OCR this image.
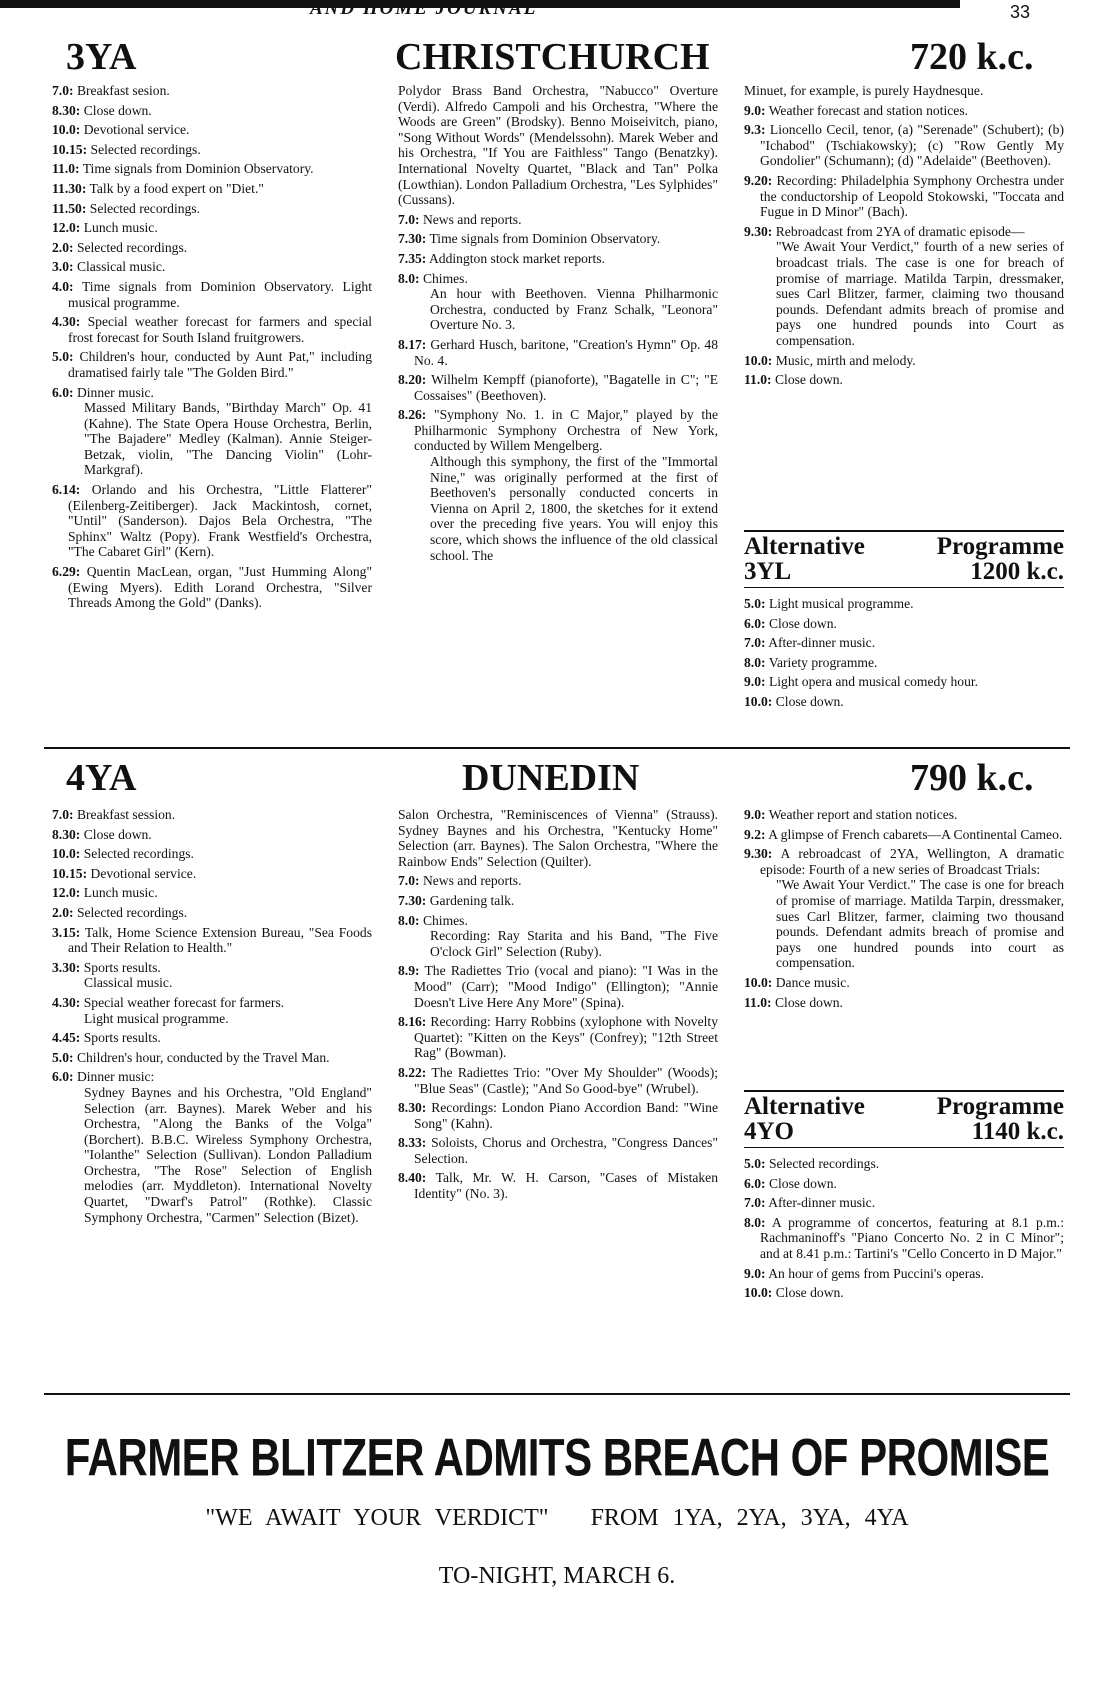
AND HOME JOURNAL	33
3YA	CHRISTCHURCH	720 k.c.
7.0: Breakfast sesion.
8.30: Close down.
10.0: Devotional service.
10.15: Selected recordings.
11.0: Time signals from Dominion Observatory.
11.30: Talk by a food expert on "Diet."
11.50: Selected recordings.
12.0: Lunch music.
2.0: Selected recordings.
3.0: Classical music.
4.0: Time signals from Dominion Observatory. Light musical programme.
4.30: Special weather forecast for farmers and special frost forecast for South Island fruitgrowers.
5.0: Children's hour, conducted by Aunt Pat," including dramatised fairly tale "The Golden Bird."
6.0: Dinner music.
Massed Military Bands, "Birthday March" Op. 41 (Kahne). The State Opera House Orchestra, Berlin, "The Bajadere" Medley (Kalman). Annie Steiger-Betzak, violin, "The Dancing Violin" (Lohr-Markgraf).
6.14: Orlando and his Orchestra, "Little Flatterer" (Eilenberg-Zeitiberger). Jack Mackintosh, cornet, "Until" (Sanderson). Dajos Bela Orchestra, "The Sphinx" Waltz (Popy). Frank Westfield's Orchestra, "The Cabaret Girl" (Kern).
6.29: Quentin MacLean, organ, "Just Humming Along" (Ewing Myers). Edith Lorand Orchestra, "Silver Threads Among the Gold" (Danks).
Polydor Brass Band Orchestra, "Nabucco" Overture (Verdi). Alfredo Campoli and his Orchestra, "Where the Woods are Green" (Brodsky). Benno Moiseivitch, piano, "Song Without Words" (Mendelssohn). Marek Weber and his Orchestra, "If You are Faithless" Tango (Benatzky). International Novelty Quartet, "Black and Tan" Polka (Lowthian). London Palladium Orchestra, "Les Sylphides" (Cussans).
7.0: News and reports.
7.30: Time signals from Dominion Observatory.
7.35: Addington stock market reports.
8.0: Chimes.
An hour with Beethoven. Vienna Philharmonic Orchestra, conducted by Franz Schalk, "Leonora" Overture No. 3.
8.17: Gerhard Husch, baritone, "Creation's Hymn" Op. 48 No. 4.
8.20: Wilhelm Kempff (pianoforte), "Bagatelle in C"; "E Cossaises" (Beethoven).
8.26: "Symphony No. 1. in C Major," played by the Philharmonic Symphony Orchestra of New York, conducted by Willem Mengelberg.
Although this symphony, the first of the "Immortal Nine," was originally performed at the first of Beethoven's personally conducted concerts in Vienna on April 2, 1800, the sketches for it extend over the preceding five years. You will enjoy this score, which shows the influence of the old classical school. The
Minuet, for example, is purely Haydnesque.
9.0: Weather forecast and station notices.
9.3: Lioncello Cecil, tenor, (a) "Serenade" (Schubert); (b) "Ichabod" (Tschiakowsky); (c) "Row Gently My Gondolier" (Schumann); (d) "Adelaide" (Beethoven).
9.20: Recording: Philadelphia Symphony Orchestra under the conductorship of Leopold Stokowski, "Toccata and Fugue in D Minor" (Bach).
9.30: Rebroadcast from 2YA of dramatic episode—
"We Await Your Verdict," fourth of a new series of broadcast trials. The case is one for breach of promise of marriage. Matilda Tarpin, dressmaker, sues Carl Blitzer, farmer, claiming two thousand pounds. Defendant admits breach of promise and pays one hundred pounds into Court as compensation.
10.0: Music, mirth and melody.
11.0: Close down.
Alternative	Programme
3YL	1200 k.c.
5.0: Light musical programme.
6.0: Close down.
7.0: After-dinner music.
8.0: Variety programme.
9.0: Light opera and musical comedy hour.
10.0: Close down.
4YA	DUNEDIN	790 k.c.
7.0: Breakfast session.
8.30: Close down.
10.0: Selected recordings.
10.15: Devotional service.
12.0: Lunch music.
2.0: Selected recordings.
3.15: Talk, Home Science Extension Bureau, "Sea Foods and Their Relation to Health."
3.30: Sports results.
Classical music.
4.30: Special weather forecast for farmers.
Light musical programme.
4.45: Sports results.
5.0: Children's hour, conducted by the Travel Man.
6.0: Dinner music:
Sydney Baynes and his Orchestra, "Old England" Selection (arr. Baynes). Marek Weber and his Orchestra, "Along the Banks of the Volga" (Borchert). B.B.C. Wireless Symphony Orchestra, "Iolanthe" Selection (Sullivan). London Palladium Orchestra, "The Rose" Selection of English melodies (arr. Myddleton). International Novelty Quartet, "Dwarf's Patrol" (Rothke). Classic Symphony Orchestra, "Carmen" Selection (Bizet).
Salon Orchestra, "Reminiscences of Vienna" (Strauss). Sydney Baynes and his Orchestra, "Kentucky Home" Selection (arr. Baynes). The Salon Orchestra, "Where the Rainbow Ends" Selection (Quilter).
7.0: News and reports.
7.30: Gardening talk.
8.0: Chimes.
Recording: Ray Starita and his Band, "The Five O'clock Girl" Selection (Ruby).
8.9: The Radiettes Trio (vocal and piano): "I Was in the Mood" (Carr); "Mood Indigo" (Ellington); "Annie Doesn't Live Here Any More" (Spina).
8.16: Recording: Harry Robbins (xylophone with Novelty Quartet): "Kitten on the Keys" (Confrey); "12th Street Rag" (Bowman).
8.22: The Radiettes Trio: "Over My Shoulder" (Woods); "Blue Seas" (Castle); "And So Good-bye" (Wrubel).
8.30: Recordings: London Piano Accordion Band: "Wine Song" (Kahn).
8.33: Soloists, Chorus and Orchestra, "Congress Dances" Selection.
8.40: Talk, Mr. W. H. Carson, "Cases of Mistaken Identity" (No. 3).
9.0: Weather report and station notices.
9.2: A glimpse of French cabarets—A Continental Cameo.
9.30: A rebroadcast of 2YA, Wellington, A dramatic episode: Fourth of a new series of Broadcast Trials:
"We Await Your Verdict." The case is one for breach of promise of marriage. Matilda Tarpin, dressmaker, sues Carl Blitzer, farmer, claiming two thousand pounds. Defendant admits breach of promise and pays one hundred pounds into court as compensation.
10.0: Dance music.
11.0: Close down.
Alternative	Programme
4YO	1140 k.c.
5.0: Selected recordings.
6.0: Close down.
7.0: After-dinner music.
8.0: A programme of concertos, featuring at 8.1 p.m.: Rachmaninoff's "Piano Concerto No. 2 in C Minor"; and at 8.41 p.m.: Tartini's "Cello Concerto in D Major."
9.0: An hour of gems from Puccini's operas.
10.0: Close down.
FARMER BLITZER ADMITS BREACH OF PROMISE
"WE AWAIT YOUR VERDICT"   FROM 1YA, 2YA, 3YA, 4YA
TO-NIGHT, MARCH 6.
